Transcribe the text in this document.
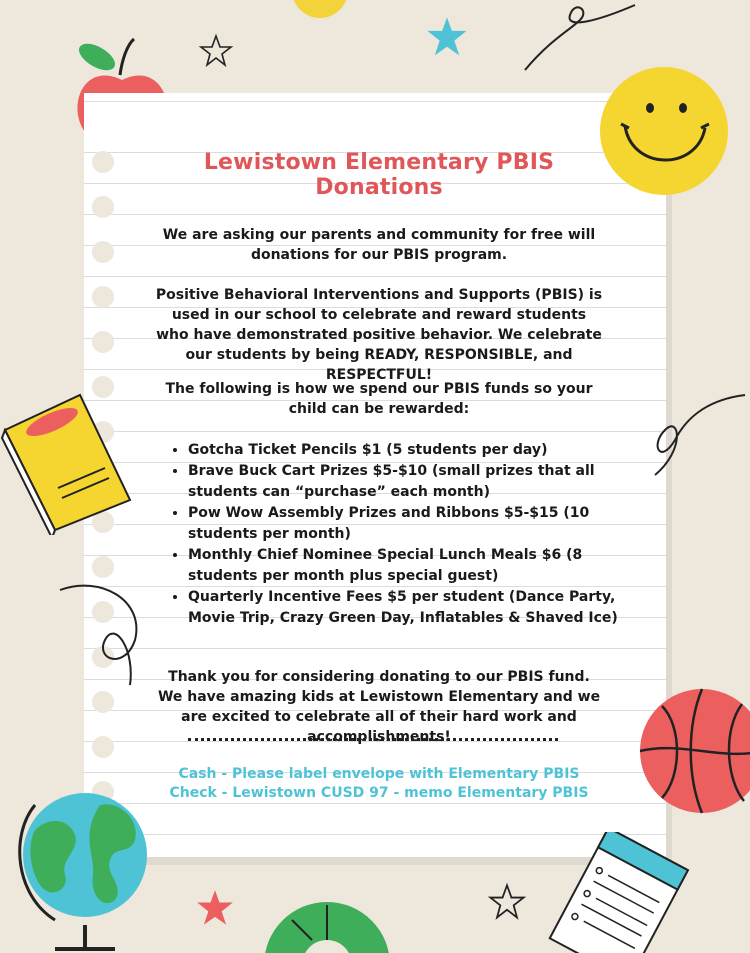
Lewistown Elementary PBIS Donations
We are asking our parents and community for free will donations for our PBIS program.
Positive Behavioral Interventions and Supports (PBIS) is used in our school to celebrate and reward students who have demonstrated positive behavior. We celebrate our students by being READY, RESPONSIBLE, and RESPECTFUL!
The following is how we spend our PBIS funds so your child can be rewarded:
• Gotcha Ticket Pencils $1 (5 students per day)
• Brave Buck Cart Prizes $5-$10 (small prizes that all students can “purchase” each month)
• Pow Wow Assembly Prizes and Ribbons $5-$15 (10 students per month)
• Monthly Chief Nominee Special Lunch Meals $6 (8 students per month plus special guest)
• Quarterly Incentive Fees $5 per student (Dance Party, Movie Trip, Crazy Green Day, Inflatables & Shaved Ice)
Thank you for considering donating to our PBIS fund. We have amazing kids at Lewistown Elementary and we are excited to celebrate all of their hard work and accomplishments!
Cash - Please label envelope with Elementary PBIS
Check - Lewistown CUSD 97 - memo Elementary PBIS
